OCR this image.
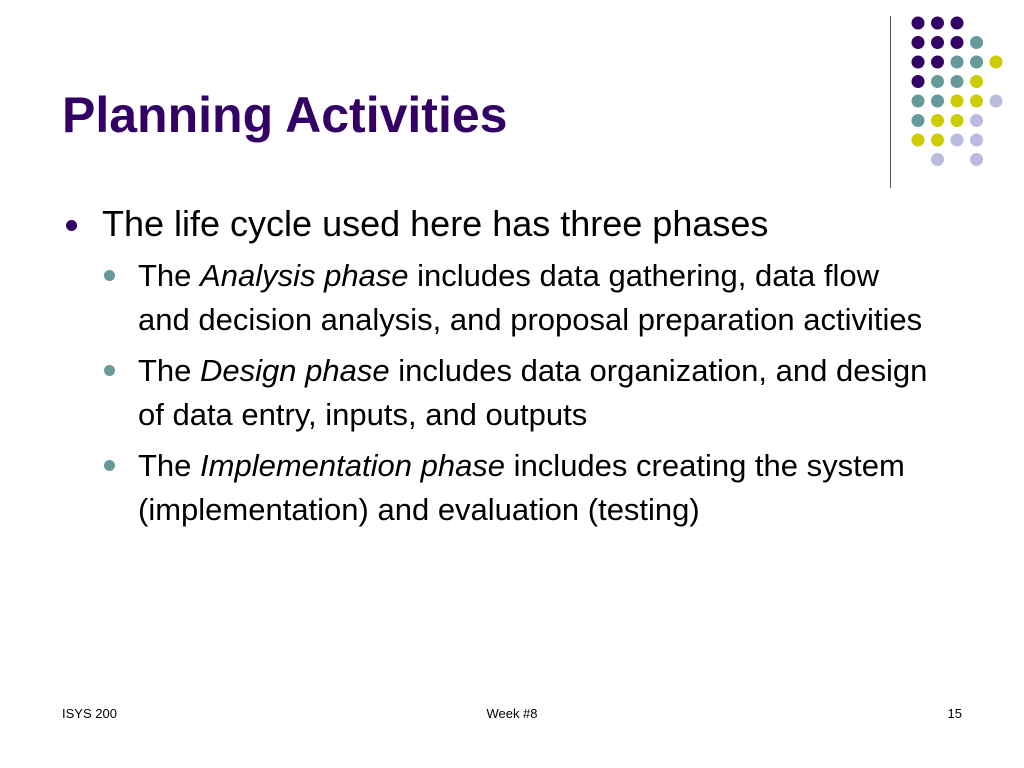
Planning Activities
The life cycle used here has three phases
The Analysis phase includes data gathering, data flow and decision analysis, and proposal preparation activities
The Design phase includes data organization, and design of data entry, inputs, and outputs
The Implementation phase includes creating the system (implementation) and evaluation (testing)
ISYS 200	Week #8	15
